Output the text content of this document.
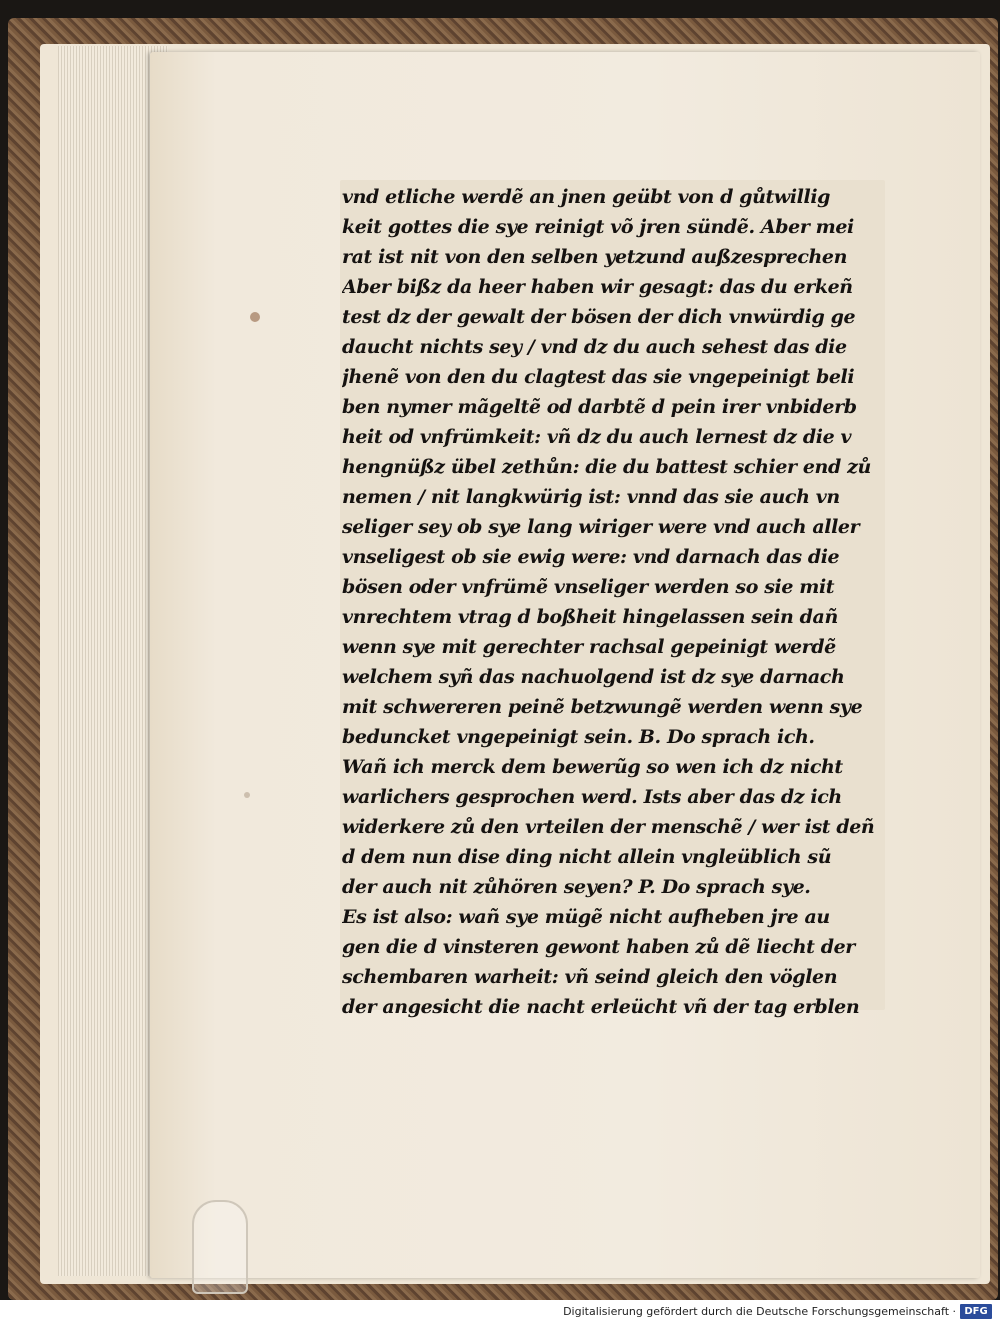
vnd etliche werdẽ an jnen geübt von d gůtwillig
keit gottes die sye reinigt võ jren sündẽ. Aber mei
rat ist nit von den selben yetzund außzesprechen
Aber bißz da heer haben wir gesagt: das du erkeñ
test dz der gewalt der bösen der dich vnwürdig ge
daucht nichts sey / vnd dz du auch sehest das die
jhenẽ von den du clagtest das sie vngepeinigt beli
ben nymer mãgeltẽ od darbtẽ d pein irer vnbiderb
heit od vnfrümkeit: vñ dz du auch lernest dz die v
hengnüßz übel zethůn: die du battest schier end zů
nemen / nit langkwürig ist: vnnd das sie auch vn
seliger sey ob sye lang wiriger were vnd auch aller
vnseligest ob sie ewig were: vnd darnach das die
bösen oder vnfrümẽ vnseliger werden so sie mit
vnrechtem vtrag d boßheit hingelassen sein dañ
wenn sye mit gerechter rachsal gepeinigt werdẽ
welchem syñ das nachuolgend ist dz sye darnach
mit schwereren peinẽ betzwungẽ werden wenn sye
beduncket vngepeinigt sein. B. Do sprach ich.
Wañ ich merck dem bewerũg so wen ich dz nicht
warlichers gesprochen werd. Ists aber das dz ich
widerkere zů den vrteilen der menschẽ / wer ist deñ
d dem nun dise ding nicht allein vngleüblich sũ
der auch nit zůhören seyen? P. Do sprach sye.
Es ist also: wañ sye mügẽ nicht aufheben jre au
gen die d vinsteren gewont haben zů dẽ liecht der
schembaren warheit: vñ seind gleich den vöglen
der angesicht die nacht erleücht vñ der tag erblen
Digitalisierung gefördert durch die Deutsche Forschungsgemeinschaft · DFG
